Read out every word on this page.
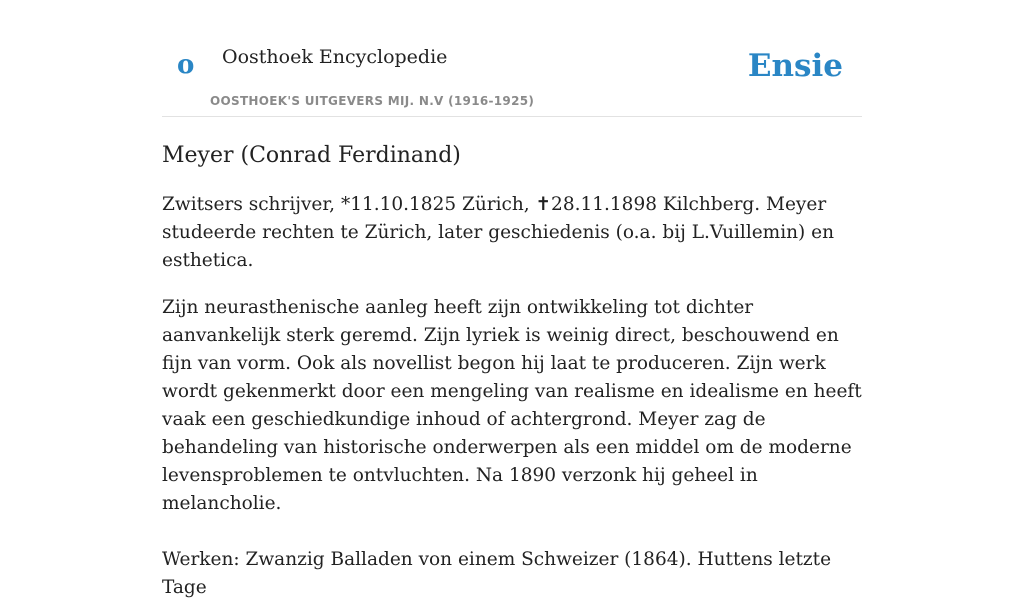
o Oosthoek Encyclopedie
OOSTHOEK'S UITGEVERS MIJ. N.V (1916-1925)
Ensie
Meyer (Conrad Ferdinand)

Zwitsers schrijver, *11.10.1825 Zürich, ✝28.11.1898 Kilchberg. Meyer studeerde rechten te Zürich, later geschiedenis (o.a. bij L.Vuillemin) en esthetica.

Zijn neurasthenische aanleg heeft zijn ontwikkeling tot dichter aanvankelijk sterk geremd. Zijn lyriek is weinig direct, beschouwend en fijn van vorm. Ook als novellist begon hij laat te produceren. Zijn werk wordt gekenmerkt door een mengeling van realisme en idealisme en heeft vaak een geschiedkundige inhoud of achtergrond. Meyer zag de behandeling van historische onderwerpen als een middel om de moderne levensproblemen te ontvluchten. Na 1890 verzonk hij geheel in melancholie.

Werken: Zwanzig Balladen von einem Schweizer (1864). Huttens letzte Tage
